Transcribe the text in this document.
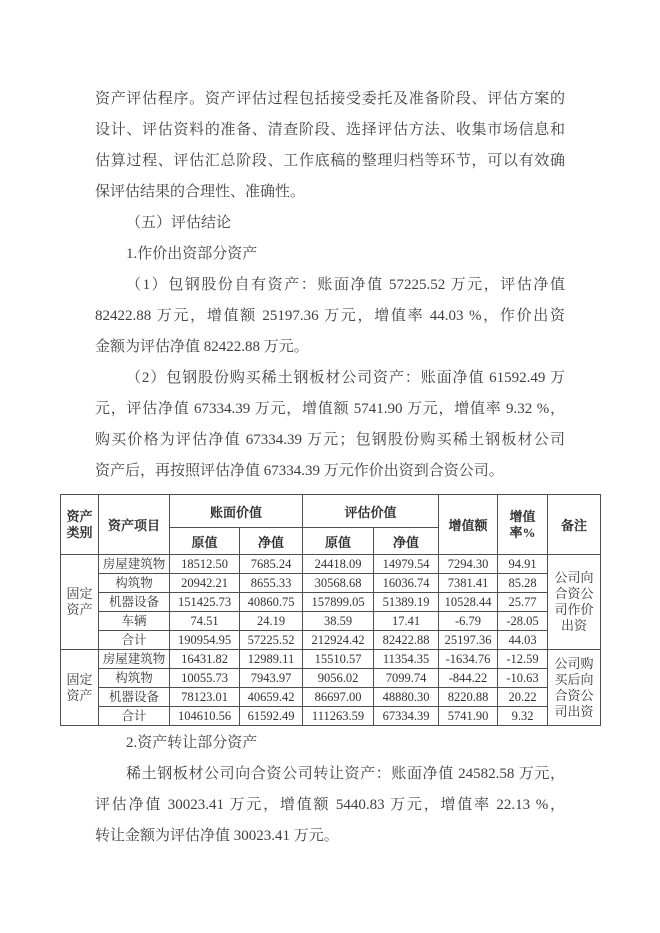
资产评估程序。资产评估过程包括接受委托及准备阶段、评估方案的
设计、评估资料的准备、清查阶段、选择评估方法、收集市场信息和
估算过程、评估汇总阶段、工作底稿的整理归档等环节，可以有效确
保评估结果的合理性、准确性。
（五）评估结论
1.作价出资部分资产
（1）包钢股份自有资产：账面净值 57225.52 万元，评估净值
82422.88 万元，增值额 25197.36 万元，增值率 44.03 %，作价出资
金额为评估净值 82422.88 万元。
（2）包钢股份购买稀土钢板材公司资产：账面净值 61592.49 万
元，评估净值 67334.39 万元，增值额 5741.90 万元，增值率 9.32 %，
购买价格为评估净值 67334.39 万元；包钢股份购买稀土钢板材公司
资产后，再按照评估净值 67334.39 万元作价出资到合资公司。
资产类别	资产项目	账面价值		评估价值		增值额	增值率%	备注
		原值	净值	原值	净值			
固定资产	房屋建筑物	18512.50	7685.24	24418.09	14979.54	7294.30	94.91	公司向合资公司作价出资
	构筑物	20942.21	8655.33	30568.68	16036.74	7381.41	85.28	
	机器设备	151425.73	40860.75	157899.05	51389.19	10528.44	25.77	
	车辆	74.51	24.19	38.59	17.41	-6.79	-28.05	
	合计	190954.95	57225.52	212924.42	82422.88	25197.36	44.03	
固定资产	房屋建筑物	16431.82	12989.11	15510.57	11354.35	-1634.76	-12.59	公司购买后向合资公司出资
	构筑物	10055.73	7943.97	9056.02	7099.74	-844.22	-10.63	
	机器设备	78123.01	40659.42	86697.00	48880.30	8220.88	20.22	
	合计	104610.56	61592.49	111263.59	67334.39	5741.90	9.32	
2.资产转让部分资产
稀土钢板材公司向合资公司转让资产：账面净值 24582.58 万元，
评估净值 30023.41 万元，增值额 5440.83 万元，增值率 22.13 %，
转让金额为评估净值 30023.41 万元。
